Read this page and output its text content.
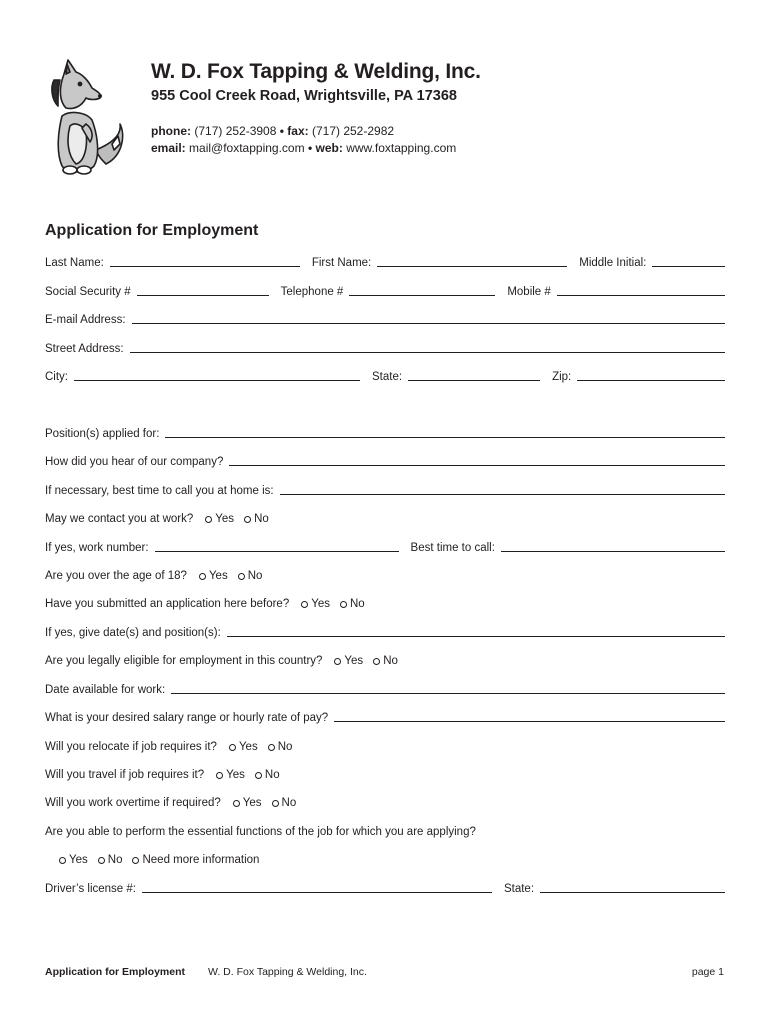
W. D. Fox Tapping & Welding, Inc.
955 Cool Creek Road, Wrightsville, PA 17368
phone: (717) 252-3908 • fax: (717) 252-2982
email: mail@foxtapping.com • web: www.foxtapping.com
Application for Employment
Last Name:	First Name:	Middle Initial:
Social Security #	Telephone #	Mobile #
E-mail Address:
Street Address:
City:	State:	Zip:
Position(s) applied for:
How did you hear of our company?
If necessary, best time to call you at home is:
May we contact you at work? Yes No
If yes, work number:	Best time to call:
Are you over the age of 18? Yes No
Have you submitted an application here before? Yes No
If yes, give date(s) and position(s):
Are you legally eligible for employment in this country? Yes No
Date available for work:
What is your desired salary range or hourly rate of pay?
Will you relocate if job requires it? Yes No
Will you travel if job requires it? Yes No
Will you work overtime if required? Yes No
Are you able to perform the essential functions of the job for which you are applying?
Yes No Need more information
Driver’s license #:	State:
Application for Employment W. D. Fox Tapping & Welding, Inc.	page 1
